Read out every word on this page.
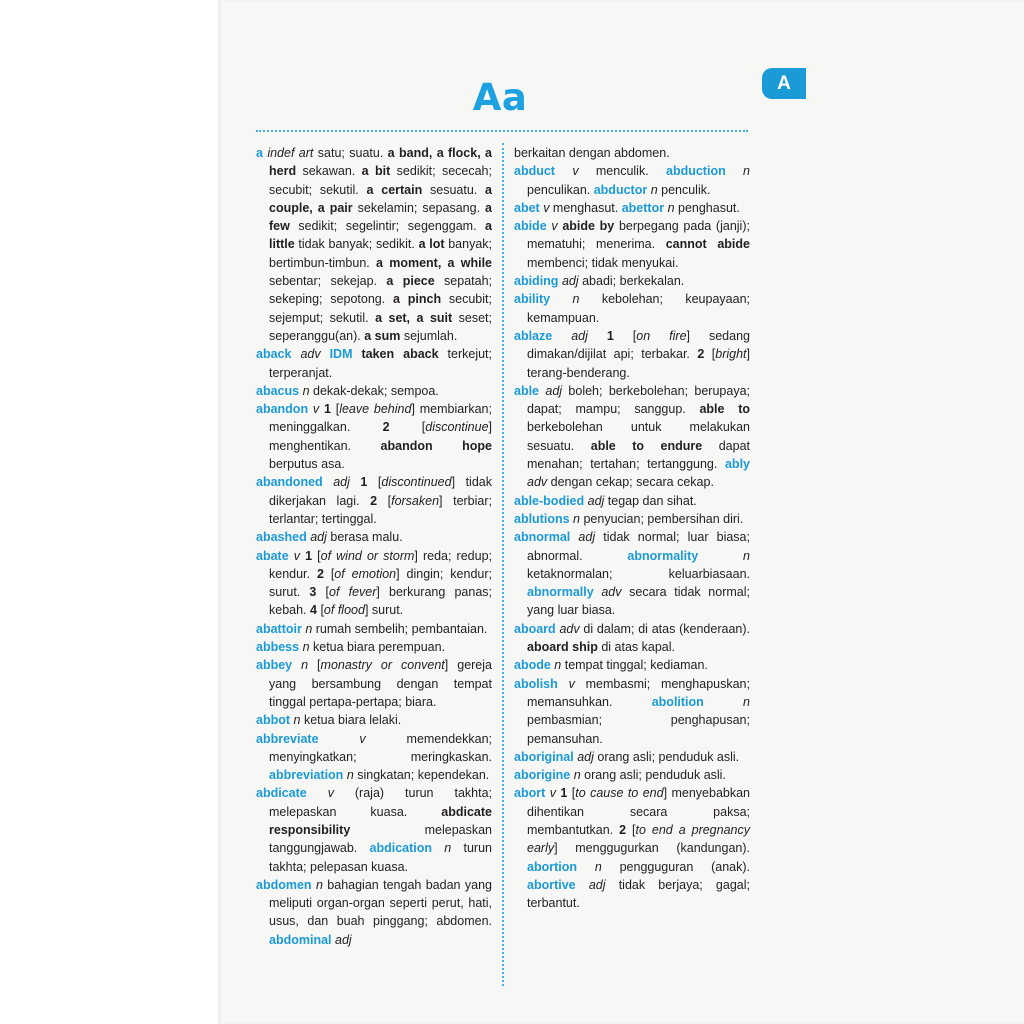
Aa	A

a indef art satu; suatu. a band, a flock, a herd sekawan. a bit sedikit; sececah; secubit; sekutil. a certain sesuatu. a couple, a pair sekelamin; sepasang. a few sedikit; segelintir; segenggam. a little tidak banyak; sedikit. a lot banyak; bertimbun-timbun. a moment, a while sebentar; sekejap. a piece sepatah; sekeping; sepotong. a pinch secubit; sejemput; sekutil. a set, a suit seset; seperanggu(an). a sum sejumlah.

aback adv IDM taken aback terkejut; terperanjat.

abacus n dekak-dekak; sempoa.

abandon v 1 [leave behind] membiarkan; meninggalkan. 2 [discontinue] menghentikan. abandon hope berputus asa.

abandoned adj 1 [discontinued] tidak dikerjakan lagi. 2 [forsaken] terbiar; terlantar; tertinggal.

abashed adj berasa malu.

abate v 1 [of wind or storm] reda; redup; kendur. 2 [of emotion] dingin; kendur; surut. 3 [of fever] berkurang panas; kebah. 4 [of flood] surut.

abattoir n rumah sembelih; pembantaian.

abbess n ketua biara perempuan.

abbey n [monastry or convent] gereja yang bersambung dengan tempat tinggal pertapa-pertapa; biara.

abbot n ketua biara lelaki.

abbreviate	v memendekkan; menyingkatkan; meringkaskan. abbreviation n singkatan; kependekan.

abdicate v (raja) turun takhta; melepaskan kuasa. abdicate responsibility melepaskan tanggungjawab. abdication n turun takhta; pelepasan kuasa.

abdomen n bahagian tengah badan yang meliputi organ-organ seperti perut, hati, usus, dan buah pinggang; abdomen. abdominal adj

berkaitan dengan abdomen.

abduct v menculik. abduction n penculikan. abductor n penculik.

abet v menghasut. abettor n penghasut.

abide v abide by berpegang pada (janji); mematuhi; menerima. cannot abide membenci; tidak menyukai.

abiding adj abadi; berkekalan.

ability n kebolehan; keupayaan; kemampuan.

ablaze adj 1 [on fire] sedang dimakan/dijilat api; terbakar. 2 [bright] terang-benderang.

able adj boleh; berkebolehan; berupaya; dapat; mampu; sanggup. able to berkebolehan untuk melakukan sesuatu. able to endure dapat menahan; tertahan; tertanggung. ably adv dengan cekap; secara cekap.

able-bodied adj tegap dan sihat.

ablutions n penyucian; pembersihan diri.

abnormal adj tidak normal; luar biasa; abnormal. abnormality	n ketaknormalan; keluarbiasaan. abnormally adv secara tidak normal; yang luar biasa.

aboard adv di dalam; di atas (kenderaan). aboard ship di atas kapal.

abode n tempat tinggal; kediaman.

abolish v membasmi; menghapuskan; memansuhkan. abolition	n pembasmian; penghapusan; pemansuhan.

aboriginal adj orang asli; penduduk asli.

aborigine n orang asli; penduduk asli.

abort v 1 [to cause to end] menyebabkan dihentikan secara paksa; membantutkan. 2 [to end a pregnancy early] menggugurkan (kandungan). abortion n pengguguran (anak). abortive adj tidak berjaya; gagal; terbantut.
